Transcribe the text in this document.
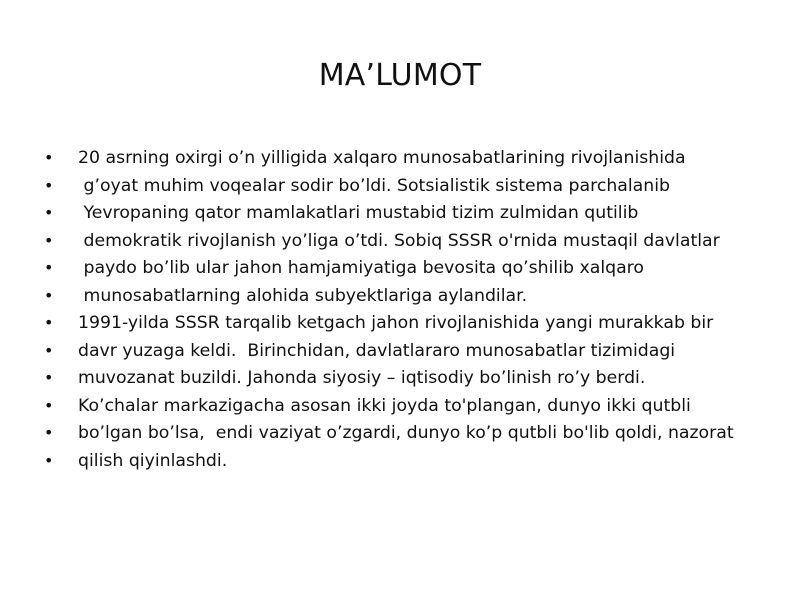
MA’LUMOT
•	20 asrning oxirgi o’n yilligida xalqaro munosabatlarining rivojlanishida
•	g’oyat muhim voqealar sodir bo’ldi. Sotsialistik sistema parchalanib
•	Yevropaning qator mamlakatlari mustabid tizim zulmidan qutilib
•	demokratik rivojlanish yo’liga o’tdi. Sobiq SSSR o'rnida mustaqil davlatlar
•	paydo bo’lib ular jahon hamjamiyatiga bevosita qo’shilib xalqaro
•	munosabatlarning alohida subyektlariga aylandilar.
•	1991-yilda SSSR tarqalib ketgach jahon rivojlanishida yangi murakkab bir
•	davr yuzaga keldi.  Birinchidan, davlatlararo munosabatlar tizimidagi
•	muvozanat buzildi. Jahonda siyosiy – iqtisodiy bo’linish ro’y berdi.
•	Ko’chalar markazigacha asosan ikki joyda to'plangan, dunyo ikki qutbli
•	bo’lgan bo’lsa,  endi vaziyat o’zgardi, dunyo ko’p qutbli bo'lib qoldi, nazorat
•	qilish qiyinlashdi.
